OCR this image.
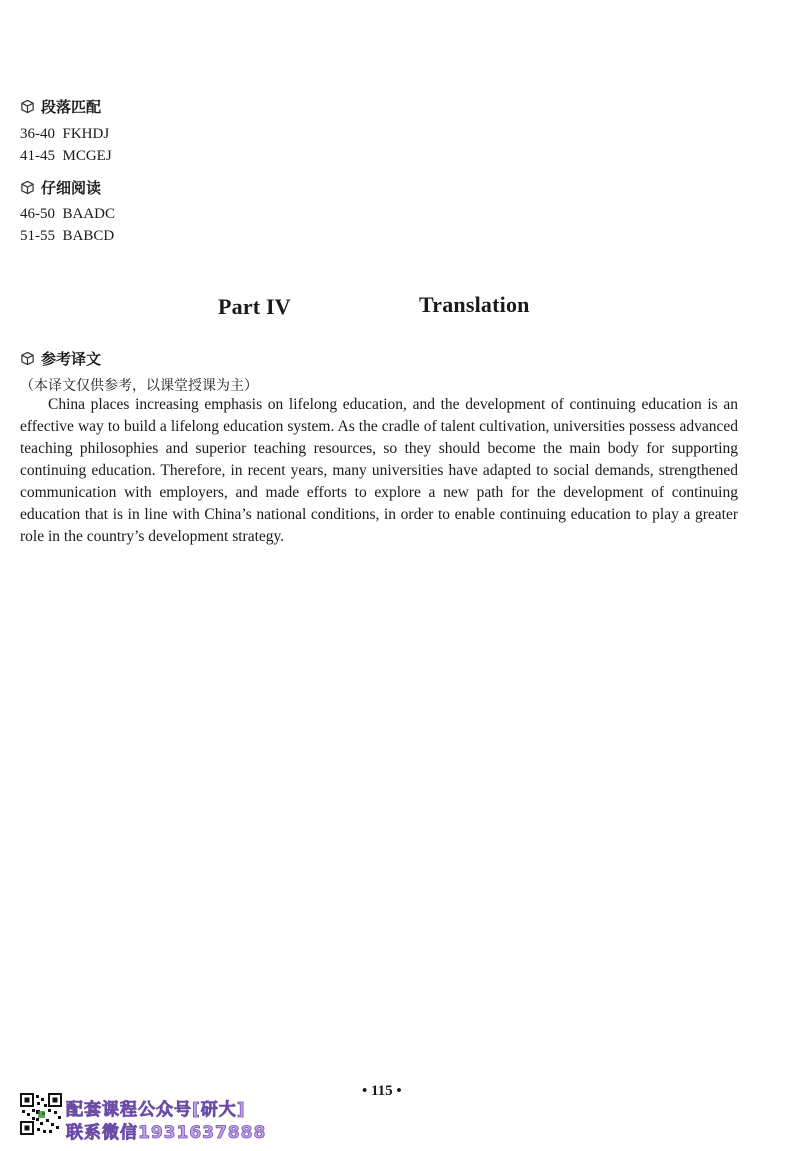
段落匹配
36-40  FKHDJ
41-45  MCGEJ
仔细阅读
46-50  BAADC
51-55  BABCD
Part IV	Translation
参考译文
（本译文仅供参考，以课堂授课为主）
China places increasing emphasis on lifelong education, and the development of continuing education is an effective way to build a lifelong education system. As the cradle of talent cultivation, universities possess advanced teaching philosophies and superior teaching resources, so they should become the main body for supporting continuing education. Therefore, in recent years, many universities have adapted to social demands, strengthened communication with employers, and made efforts to explore a new path for the development of continuing education that is in line with China’s national conditions, in order to enable continuing education to play a greater role in the country’s development strategy.
• 115 •
配套课程公众号[研大]
联系微信1931637888
